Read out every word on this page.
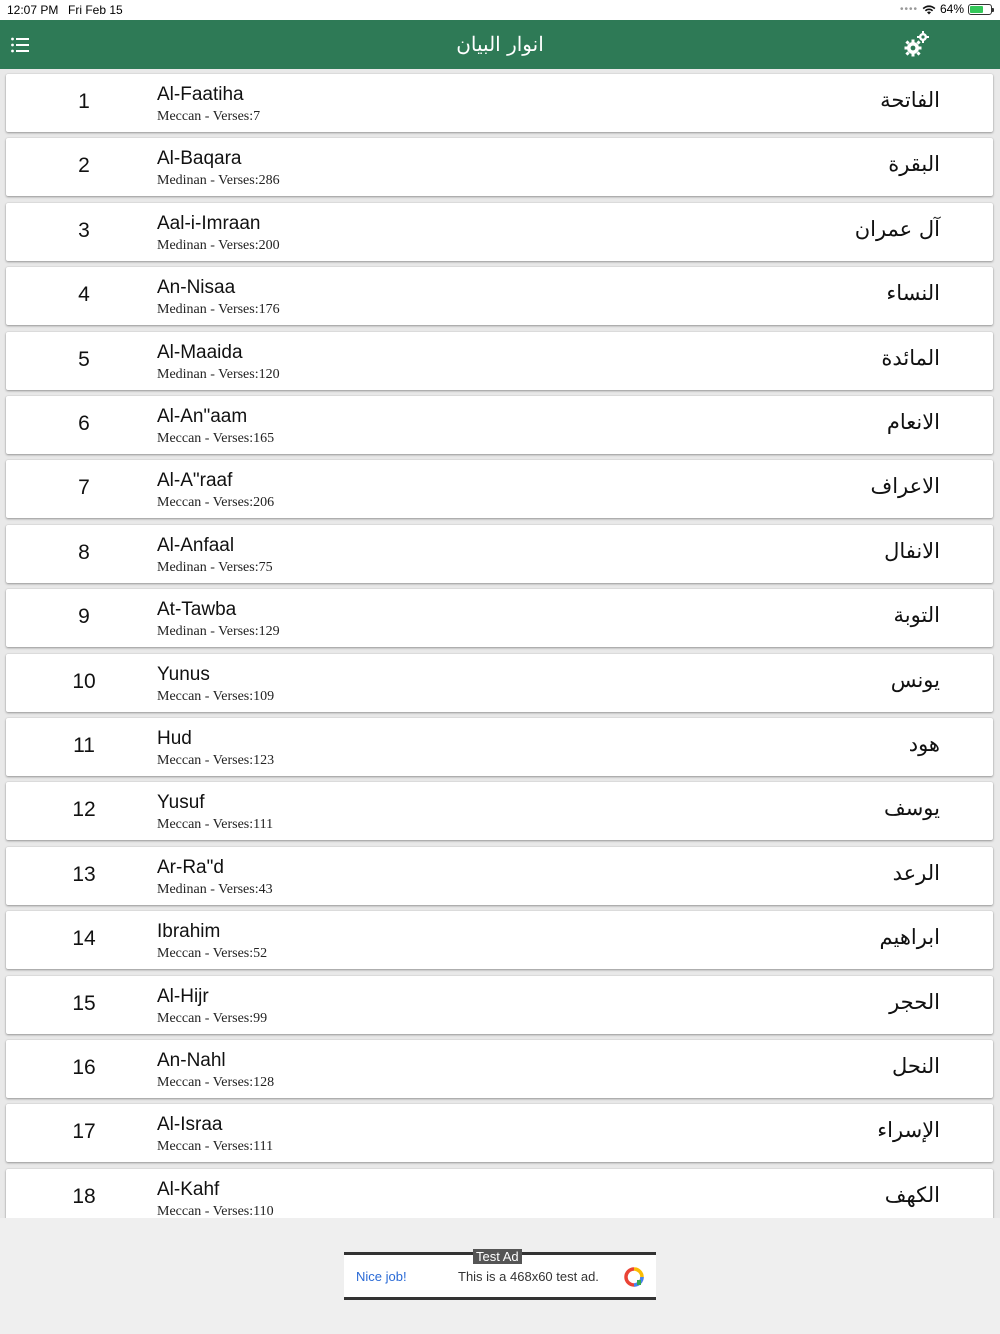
12:07 PM Fri Feb 15	•••• 64%
انوار البیان
1	Al-Faatiha
Meccan - Verses:7
الفاتحة
2	Al-Baqara
Medinan - Verses:286
البقرة
3	Aal-i-Imraan
Medinan - Verses:200
آل عمران
4	An-Nisaa
Medinan - Verses:176
النساء
5	Al-Maaida
Medinan - Verses:120
المائدة
6	Al-An"aam
Meccan - Verses:165
الانعام
7	Al-A"raaf
Meccan - Verses:206
الاعراف
8	Al-Anfaal
Medinan - Verses:75
الانفال
9	At-Tawba
Medinan - Verses:129
التوبة
10	Yunus
Meccan - Verses:109
يونس
11	Hud
Meccan - Verses:123
هود
12	Yusuf
Meccan - Verses:111
يوسف
13	Ar-Ra"d
Medinan - Verses:43
الرعد
14	Ibrahim
Meccan - Verses:52
ابراهيم
15	Al-Hijr
Meccan - Verses:99
الحجر
16	An-Nahl
Meccan - Verses:128
النحل
17	Al-Israa
Meccan - Verses:111
الإسراء
18	Al-Kahf
Meccan - Verses:110
الكهف
Test Ad
Nice job!	This is a 468x60 test ad.
